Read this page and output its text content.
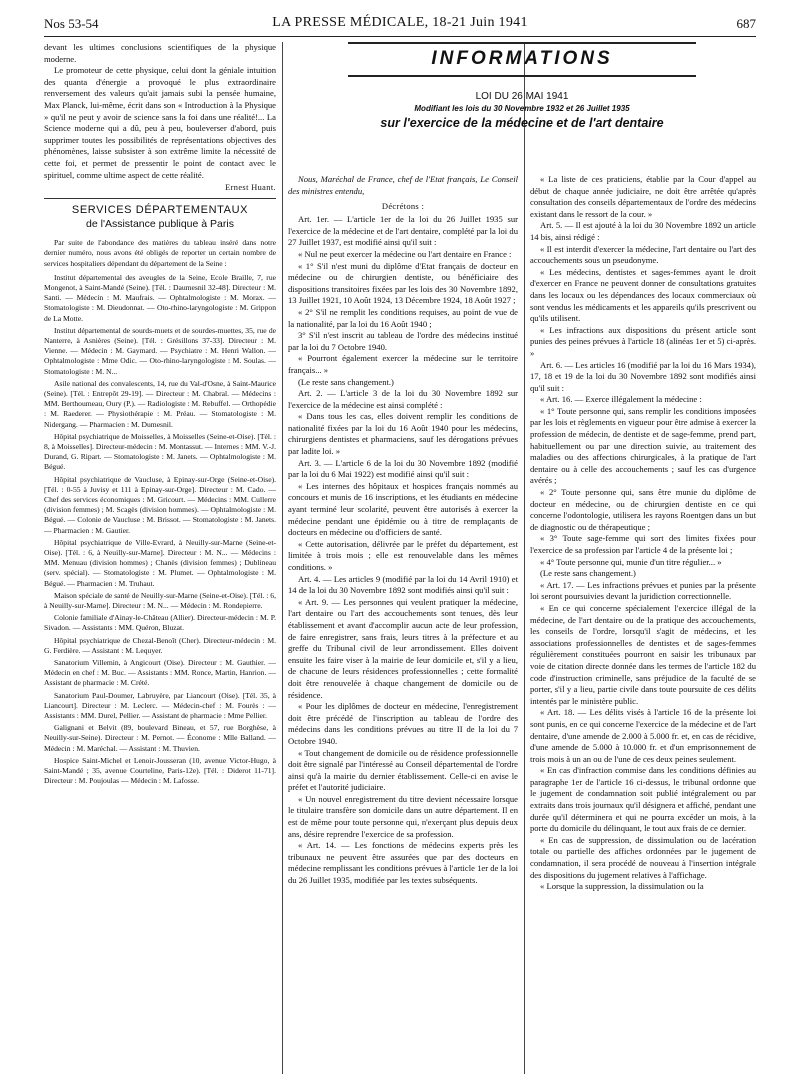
Nos 53-54	LA PRESSE MÉDICALE, 18-21 Juin 1941	687

devant les ultimes conclusions scientifiques de la physique moderne.

Le promoteur de cette physique, celui dont la géniale intuition des quanta d'énergie a provoqué le plus extraordinaire renversement des valeurs qu'ait jamais subi la pensée humaine, Max Planck, lui-même, écrit dans son « Introduction à la Physique » qu'il ne peut y avoir de science sans la foi dans une réalité!... La Science moderne qui a dû, peu à peu, bouleverser d'abord, puis supprimer toutes les possibilités de représentations objectives des phénomènes, laisse subsister à son extrême limite la nécessité de cette foi, et permet de pressentir le point de contact avec le spirituel, comme ultime aspect de cette réalité.

Ernest Huant.
SERVICES DÉPARTEMENTAUX
de l'Assistance publique à Paris

Par suite de l'abondance des matières du tableau inséré dans notre dernier numéro, nous avons été obligés de reporter un certain nombre de services hospitaliers dépendant du département de la Seine :

Institut départemental des aveugles de la Seine, Ecole Braille, 7, rue Mongenot, à Saint-Mandé (Seine). [Tél. : Daumesnil 32-48]. Directeur : M. Santi. — Médecin : M. Maufrais. — Ophtalmologiste : M. Morax. — Stomatologiste : M. Dieudonnat. — Oto-rhino-laryngologiste : M. Grippon de La Motte.

Institut départemental de sourds-muets et de sourdes-muettes, 35, rue de Nanterre, à Asnières (Seine). [Tél. : Grésillons 37-33]. Directeur : M. Vienne. — Médecin : M. Gaymard. — Psychiatre : M. Henri Wallon. — Ophtalmologiste : Mme Odic. — Oto-rhino-laryngologiste : M. Soulas. — Stomatologiste : M. N...

Asile national des convalescents, 14, rue du Val-d'Osne, à Saint-Maurice (Seine). [Tél. : Entrepôt 29-19]. — Directeur : M. Chabral. — Médecins : MM. Berthoumeau, Oury (P.). — Radiologiste : M. Rebuffel. — Orthopédie : M. Raederer. — Physiothérapie : M. Préau. — Stomatologiste : M. Nidergang. — Pharmacien : M. Dumesnil.

Hôpital psychiatrique de Moisselles, à Moisselles (Seine-et-Oise). [Tél. : 8, à Moisselles]. Directeur-médecin : M. Montassut. — Internes : MM. V.-J. Durand, G. Ripart. — Stomatologiste : M. Janets. — Ophtalmologiste : M. Bégué.

Hôpital psychiatrique de Vaucluse, à Epinay-sur-Orge (Seine-et-Oise). [Tél. : 0-55 à Juvisy et 111 à Epinay-sur-Orge]. Directeur : M. Cado. — Chef des services économiques : M. Gricourt. — Médecins : MM. Cullerre (division femmes) ; M. Scagès (division hommes). — Ophtalmologiste : M. Bégué. — Colonie de Vaucluse : M. Brissot. — Stomatologiste : M. Janets. — Pharmacien : M. Gautier.

Hôpital psychiatrique de Ville-Evrard, à Neuilly-sur-Marne (Seine-et-Oise). [Tél. : 6, à Neuilly-sur-Marne]. Directeur : M. N... — Médecins : MM. Menuau (division hommes) ; Chanès (division femmes) ; Dublineau (serv. spécial). — Stomatologiste : M. Plumet. — Ophtalmologiste : M. Bégué. — Pharmacien : M. Truhaut.

Maison spéciale de santé de Neuilly-sur-Marne (Seine-et-Oise). [Tél. : 6, à Neuilly-sur-Marne]. Directeur : M. N... — Médecin : M. Rondepierre.

Colonie familiale d'Ainay-le-Château (Allier). Directeur-médecin : M. P. Sivadon. — Assistants : MM. Quéron, Bluzat.

Hôpital psychiatrique de Chezal-Benoît (Cher). Directeur-médecin : M. G. Ferdière. — Assistant : M. Lequyer.

Sanatorium Villemin, à Angicourt (Oise). Directeur : M. Gauthier. — Médecin en chef : M. Buc. — Assistants : MM. Ronce, Martin, Hanrion. — Assistant de pharmacie : M. Crété.

Sanatorium Paul-Doumer, Labruyère, par Liancourt (Oise). [Tél. 35, à Liancourt]. Directeur : M. Leclerc. — Médecin-chef : M. Fourès : — Assistants : MM. Durel, Pellier. — Assistant de pharmacie : Mme Pellier.

Galignani et Belvit (89, boulevard Bineau, et 57, rue Borghèse, à Neuilly-sur-Seine). Directeur : M. Pernot. — Économe : Mlle Balland. — Médecin : M. Maréchal. — Assistant : M. Thuvien.

Hospice Saint-Michel et Lenoir-Jousseran (10, avenue Victor-Hugo, à Saint-Mandé ; 35, avenue Courteline, Paris-12e). [Tél. : Diderot 11-71]. Directeur : M. Poujoulas — Médecin : M. Lafosse.

INFORMATIONS
LOI DU 26 MAI 1941
Modifiant les lois du 30 Novembre 1932 et 26 Juillet 1935
sur l'exercice de la médecine et de l'art dentaire

Nous, Maréchal de France, chef de l'Etat français, Le Conseil des ministres entendu,

Décrétons :

Art. 1er. — L'article 1er de la loi du 26 Juillet 1935 sur l'exercice de la médecine et de l'art dentaire, complété par la loi du 27 Juillet 1937, est modifié ainsi qu'il suit :

« Nul ne peut exercer la médecine ou l'art dentaire en France :

« 1° S'il n'est muni du diplôme d'Etat français de docteur en médecine ou de chirurgien dentiste, ou bénéficiaire des dispositions transitoires fixées par les lois des 30 Novembre 1892, 13 Juillet 1921, 10 Août 1924, 13 Décembre 1924, 18 Août 1927 ;

« 2° S'il ne remplit les conditions requises, au point de vue de la nationalité, par la loi du 16 Août 1940 ;

3° S'il n'est inscrit au tableau de l'ordre des médecins institué par la loi du 7 Octobre 1940.

« Pourront également exercer la médecine sur le territoire français... »

(Le reste sans changement.)

Art. 2. — L'article 3 de la loi du 30 Novembre 1892 sur l'exercice de la médecine est ainsi complété :

« Dans tous les cas, elles doivent remplir les conditions de nationalité fixées par la loi du 16 Août 1940 pour les médecins, chirurgiens dentistes et pharmaciens, sauf les dérogations prévues par ladite loi. »

Art. 3. — L'article 6 de la loi du 30 Novembre 1892 (modifié par la loi du 6 Mai 1922) est modifié ainsi qu'il suit :

« Les internes des hôpitaux et hospices français nommés au concours et munis de 16 inscriptions, et les étudiants en médecine ayant terminé leur scolarité, peuvent être autorisés à exercer la médecine pendant une épidémie ou à titre de remplaçants de docteurs en médecine ou d'officiers de santé.

« Cette autorisation, délivrée par le préfet du département, est limitée à trois mois ; elle est renouvelable dans les mêmes conditions. »

Art. 4. — Les articles 9 (modifié par la loi du 14 Avril 1910) et 14 de la loi du 30 Novembre 1892 sont modifiés ainsi qu'il suit :

« Art. 9. — Les personnes qui veulent pratiquer la médecine, l'art dentaire ou l'art des accouchements sont tenues, dès leur établissement et avant d'accomplir aucun acte de leur profession, de faire enregistrer, sans frais, leurs titres à la préfecture et au greffe du Tribunal civil de leur arrondissement. Elles doivent ensuite les faire viser à la mairie de leur domicile et, s'il y a lieu, de chacune de leurs résidences professionnelles ; cette formalité doit être renouvelée à chaque changement de domicile ou de résidence.

« Pour les diplômes de docteur en médecine, l'enregistrement doit être précédé de l'inscription au tableau de l'ordre des médecins dans les conditions prévues au titre II de la loi du 7 Octobre 1940.

« Tout changement de domicile ou de résidence professionnelle doit être signalé par l'intéressé au Conseil départemental de l'ordre ainsi qu'à la mairie du dernier établissement. Celle-ci en avise le préfet et l'autorité judiciaire.

« Un nouvel enregistrement du titre devient nécessaire lorsque le titulaire transfère son domicile dans un autre département. Il en est de même pour toute personne qui, n'exerçant plus depuis deux ans, désire reprendre l'exercice de sa profession.

« Art. 14. — Les fonctions de médecins experts près les tribunaux ne peuvent être assurées que par des docteurs en médecine remplissant les conditions prévues à l'article 1er de la loi du 26 Juillet 1935, modifiée par les textes subséquents.

« La liste de ces praticiens, établie par la Cour d'appel au début de chaque année judiciaire, ne doit être arrêtée qu'après consultation des conseils départementaux de l'ordre des médecins existant dans le ressort de la cour. »

Art. 5. — Il est ajouté à la loi du 30 Novembre 1892 un article 14 bis, ainsi rédigé :

« Il est interdit d'exercer la médecine, l'art dentaire ou l'art des accouchements sous un pseudonyme.

« Les médecins, dentistes et sages-femmes ayant le droit d'exercer en France ne peuvent donner de consultations gratuites dans les locaux ou les dépendances des locaux commerciaux où sont vendus les médicaments et les appareils qu'ils prescrivent ou qu'ils utilisent.

« Les infractions aux dispositions du présent article sont punies des peines prévues à l'article 18 (alinéas 1er et 5) ci-après. »

Art. 6. — Les articles 16 (modifié par la loi du 16 Mars 1934), 17, 18 et 19 de la loi du 30 Novembre 1892 sont modifiés ainsi qu'il suit :

« Art. 16. — Exerce illégalement la médecine :

« 1° Toute personne qui, sans remplir les conditions imposées par les lois et règlements en vigueur pour être admise à exercer la profession de médecin, de dentiste et de sage-femme, prend part, habituellement ou par une direction suivie, au traitement des maladies ou des affections chirurgicales, à la pratique de l'art dentaire ou à celle des accouchements ; sauf les cas d'urgence avérés ;

« 2° Toute personne qui, sans être munie du diplôme de docteur en médecine, ou de chirurgien dentiste en ce qui concerne l'odontologie, utilisera les rayons Roentgen dans un but de diagnostic ou de thérapeutique ;

« 3° Toute sage-femme qui sort des limites fixées pour l'exercice de sa profession par l'article 4 de la présente loi ;

« 4° Toute personne qui, munie d'un titre régulier... »

(Le reste sans changement.)

« Art. 17. — Les infractions prévues et punies par la présente loi seront poursuivies devant la juridiction correctionnelle.

« En ce qui concerne spécialement l'exercice illégal de la médecine, de l'art dentaire ou de la pratique des accouchements, les conseils de l'ordre, lorsqu'il s'agit de médecins, et les associations professionnelles de dentistes et de sages-femmes régulièrement constituées pourront en saisir les tribunaux par voie de citation directe donnée dans les termes de l'article 182 du code d'instruction criminelle, sans préjudice de la faculté de se porter, s'il y a lieu, partie civile dans toute poursuite de ces délits intentés par le ministère public.

« Art. 18. — Les délits visés à l'article 16 de la présente loi sont punis, en ce qui concerne l'exercice de la médecine et de l'art dentaire, d'une amende de 2.000 à 5.000 fr. et, en cas de récidive, d'une amende de 5.000 à 10.000 fr. et d'un emprisonnement de trois mois à un an ou de l'une de ces deux peines seulement.

« En cas d'infraction commise dans les conditions définies au paragraphe 1er de l'article 16 ci-dessus, le tribunal ordonne que le jugement de condamnation soit publié intégralement ou par extraits dans trois journaux qu'il désignera et affiché, pendant une durée qu'il déterminera et qui ne pourra excéder un mois, à la porte du domicile du délinquant, le tout aux frais de ce dernier.

« En cas de suppression, de dissimulation ou de lacération totale ou partielle des affiches ordonnées par le jugement de condamnation, il sera procédé de nouveau à l'insertion intégrale des dispositions du jugement relatives à l'affichage.

« Lorsque la suppression, la dissimulation ou la
